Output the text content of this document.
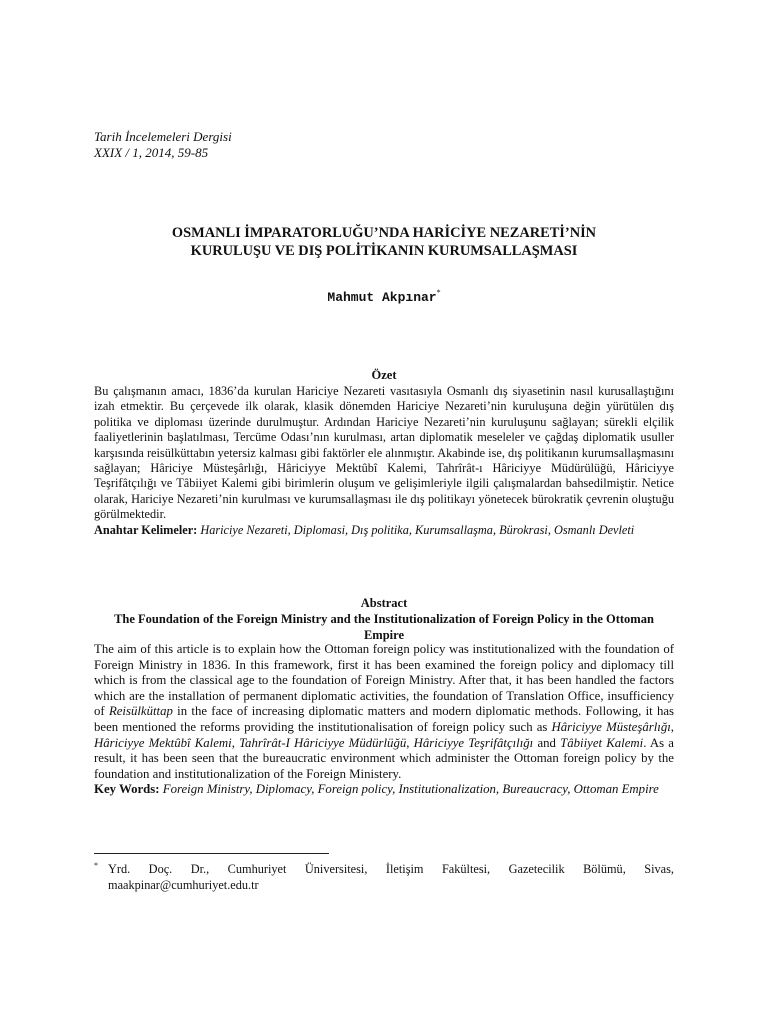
Tarih İncelemeleri Dergisi
XXIX / 1, 2014, 59-85
OSMANLI İMPARATORLUĞU’NDA HARİCİYE NEZARETİ’NİN
KURULUŞU VE DIŞ POLİTİKANIN KURUMSALLAŞMASI
Mahmut Akpınar*
Özet
Bu çalışmanın amacı, 1836’da kurulan Hariciye Nezareti vasıtasıyla Osmanlı dış siyasetinin nasıl kurusallaştığını izah etmektir. Bu çerçevede ilk olarak, klasik dönemden Hariciye Nezareti’nin kuruluşuna değin yürütülen dış politika ve diploması üzerinde durulmuştur. Ardından Hariciye Nezareti’nin kuruluşunu sağlayan; sürekli elçilik faaliyetlerinin başlatılması, Tercüme Odası’nın kurulması, artan diplomatik meseleler ve çağdaş diplomatik usuller karşısında reisülküttabın yetersiz kalması gibi faktörler ele alınmıştır. Akabinde ise, dış politikanın kurumsallaşmasını sağlayan; Hâriciye Müsteşârlığı, Hâriciyye Mektûbî Kalemi, Tahrîrât-ı Hâriciyye Müdürülüğü, Hâriciyye Teşrifâtçılığı ve Tâbiiyet Kalemi gibi birimlerin oluşum ve gelişimleriyle ilgili çalışmalardan bahsedilmiştir. Netice olarak, Hariciye Nezareti’nin kurulması ve kurumsallaşması ile dış politikayı yönetecek bürokratik çevrenin oluştuğu görülmektedir.
Anahtar Kelimeler: Hariciye Nezareti, Diplomasi, Dış politika, Kurumsallaşma, Bürokrasi, Osmanlı Devleti
Abstract
The Foundation of the Foreign Ministry and the Institutionalization of Foreign Policy in the Ottoman Empire
The aim of this article is to explain how the Ottoman foreign policy was institutionalized with the foundation of Foreign Ministry in 1836. In this framework, first it has been examined the foreign policy and diplomacy till which is from the classical age to the foundation of Foreign Ministry. After that, it has been handled the factors which are the installation of permanent diplomatic activities, the foundation of Translation Office, insufficiency of Reisülküttap in the face of increasing diplomatic matters and modern diplomatic methods. Following, it has been mentioned the reforms providing the institutionalisation of foreign policy such as Hâriciyye Müsteşârlığı, Hâriciyye Mektûbî Kalemi, Tahrîrât-I Hâriciyye Müdürlüğü, Hâriciyye Teşrifâtçılığı and Tâbiiyet Kalemi. As a result, it has been seen that the bureaucratic environment which administer the Ottoman foreign policy by the foundation and institutionalization of the Foreign Ministery.
Key Words: Foreign Ministry, Diplomacy, Foreign policy, Institutionalization, Bureaucracy, Ottoman Empire
* Yrd. Doç. Dr., Cumhuriyet Üniversitesi, İletişim Fakültesi, Gazetecilik Bölümü, Sivas, maakpinar@cumhuriyet.edu.tr
